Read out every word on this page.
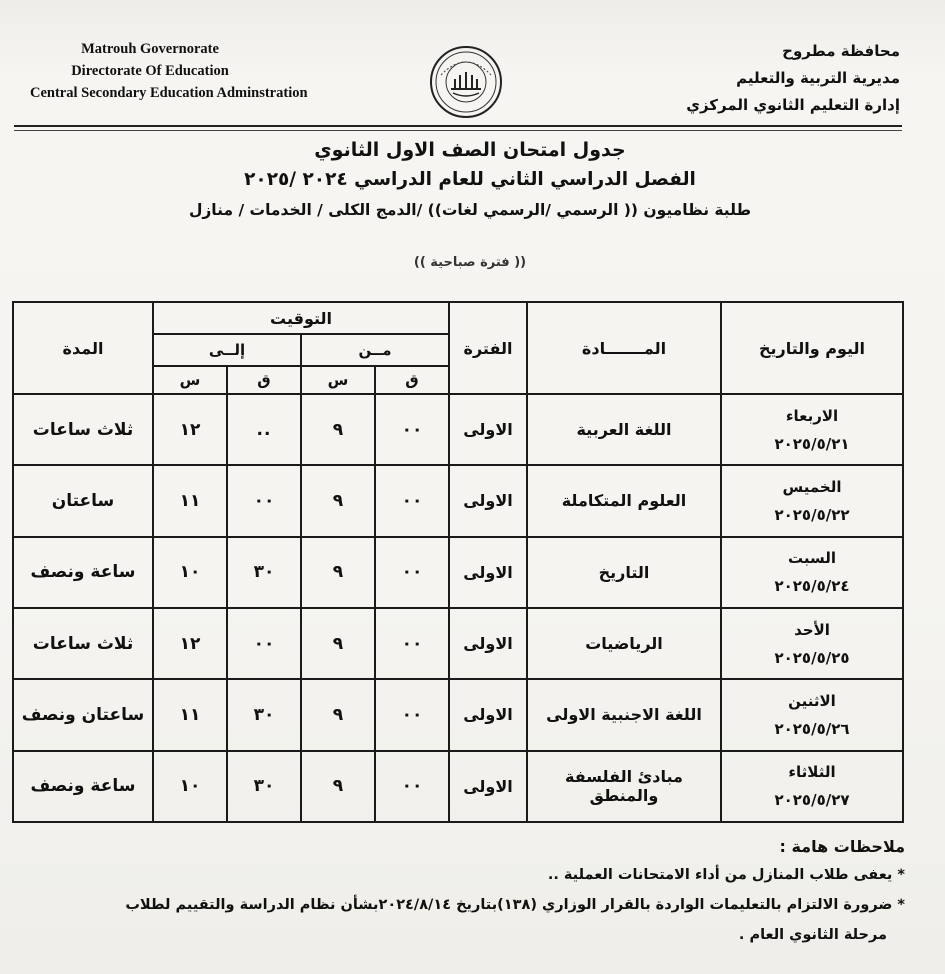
Matrouh Governorate
Directorate Of Education
Central Secondary Education Adminstration
محافظة مطروح
مديرية التربية والتعليم
إدارة التعليم الثانوي المركزي
جدول امتحان الصف الاول الثانوي
الفصل الدراسي الثاني للعام الدراسي ٢٠٢٤ /٢٠٢٥
طلبة نظاميون (( الرسمي /الرسمي لغات)) /الدمج الكلى / الخدمات / منازل
(( فترة صباحية ))
اليوم والتاريخ	المـــــــادة	الفترة	التوقيت				المدة
			مــن		إلــى		
			ق	س	ق	س	

الاربعاء
٢٠٢٥/٥/٢١	اللغة العربية	الاولى	٠٠	٩	..	١٢	ثلاث ساعات

الخميس
٢٠٢٥/٥/٢٢	العلوم المتكاملة	الاولى	٠٠	٩	٠٠	١١	ساعتان

السبت
٢٠٢٥/٥/٢٤	التاريخ	الاولى	٠٠	٩	٣٠	١٠	ساعة ونصف

الأحد
٢٠٢٥/٥/٢٥	الرياضيات	الاولى	٠٠	٩	٠٠	١٢	ثلاث ساعات

الاثنين
٢٠٢٥/٥/٢٦	اللغة الاجنبية الاولى	الاولى	٠٠	٩	٣٠	١١	ساعتان ونصف

الثلاثاء
٢٠٢٥/٥/٢٧	مبادئ الفلسفة والمنطق	الاولى	٠٠	٩	٣٠	١٠	ساعة ونصف
ملاحظات هامة :
* يعفى طلاب المنازل من أداء الامتحانات العملية ..
* ضرورة الالتزام بالتعليمات الواردة بالقرار الوزاري (١٣٨)بتاريخ ٢٠٢٤/٨/١٤بشأن نظام الدراسة والتقييم لطلاب
مرحلة الثانوي العام .
